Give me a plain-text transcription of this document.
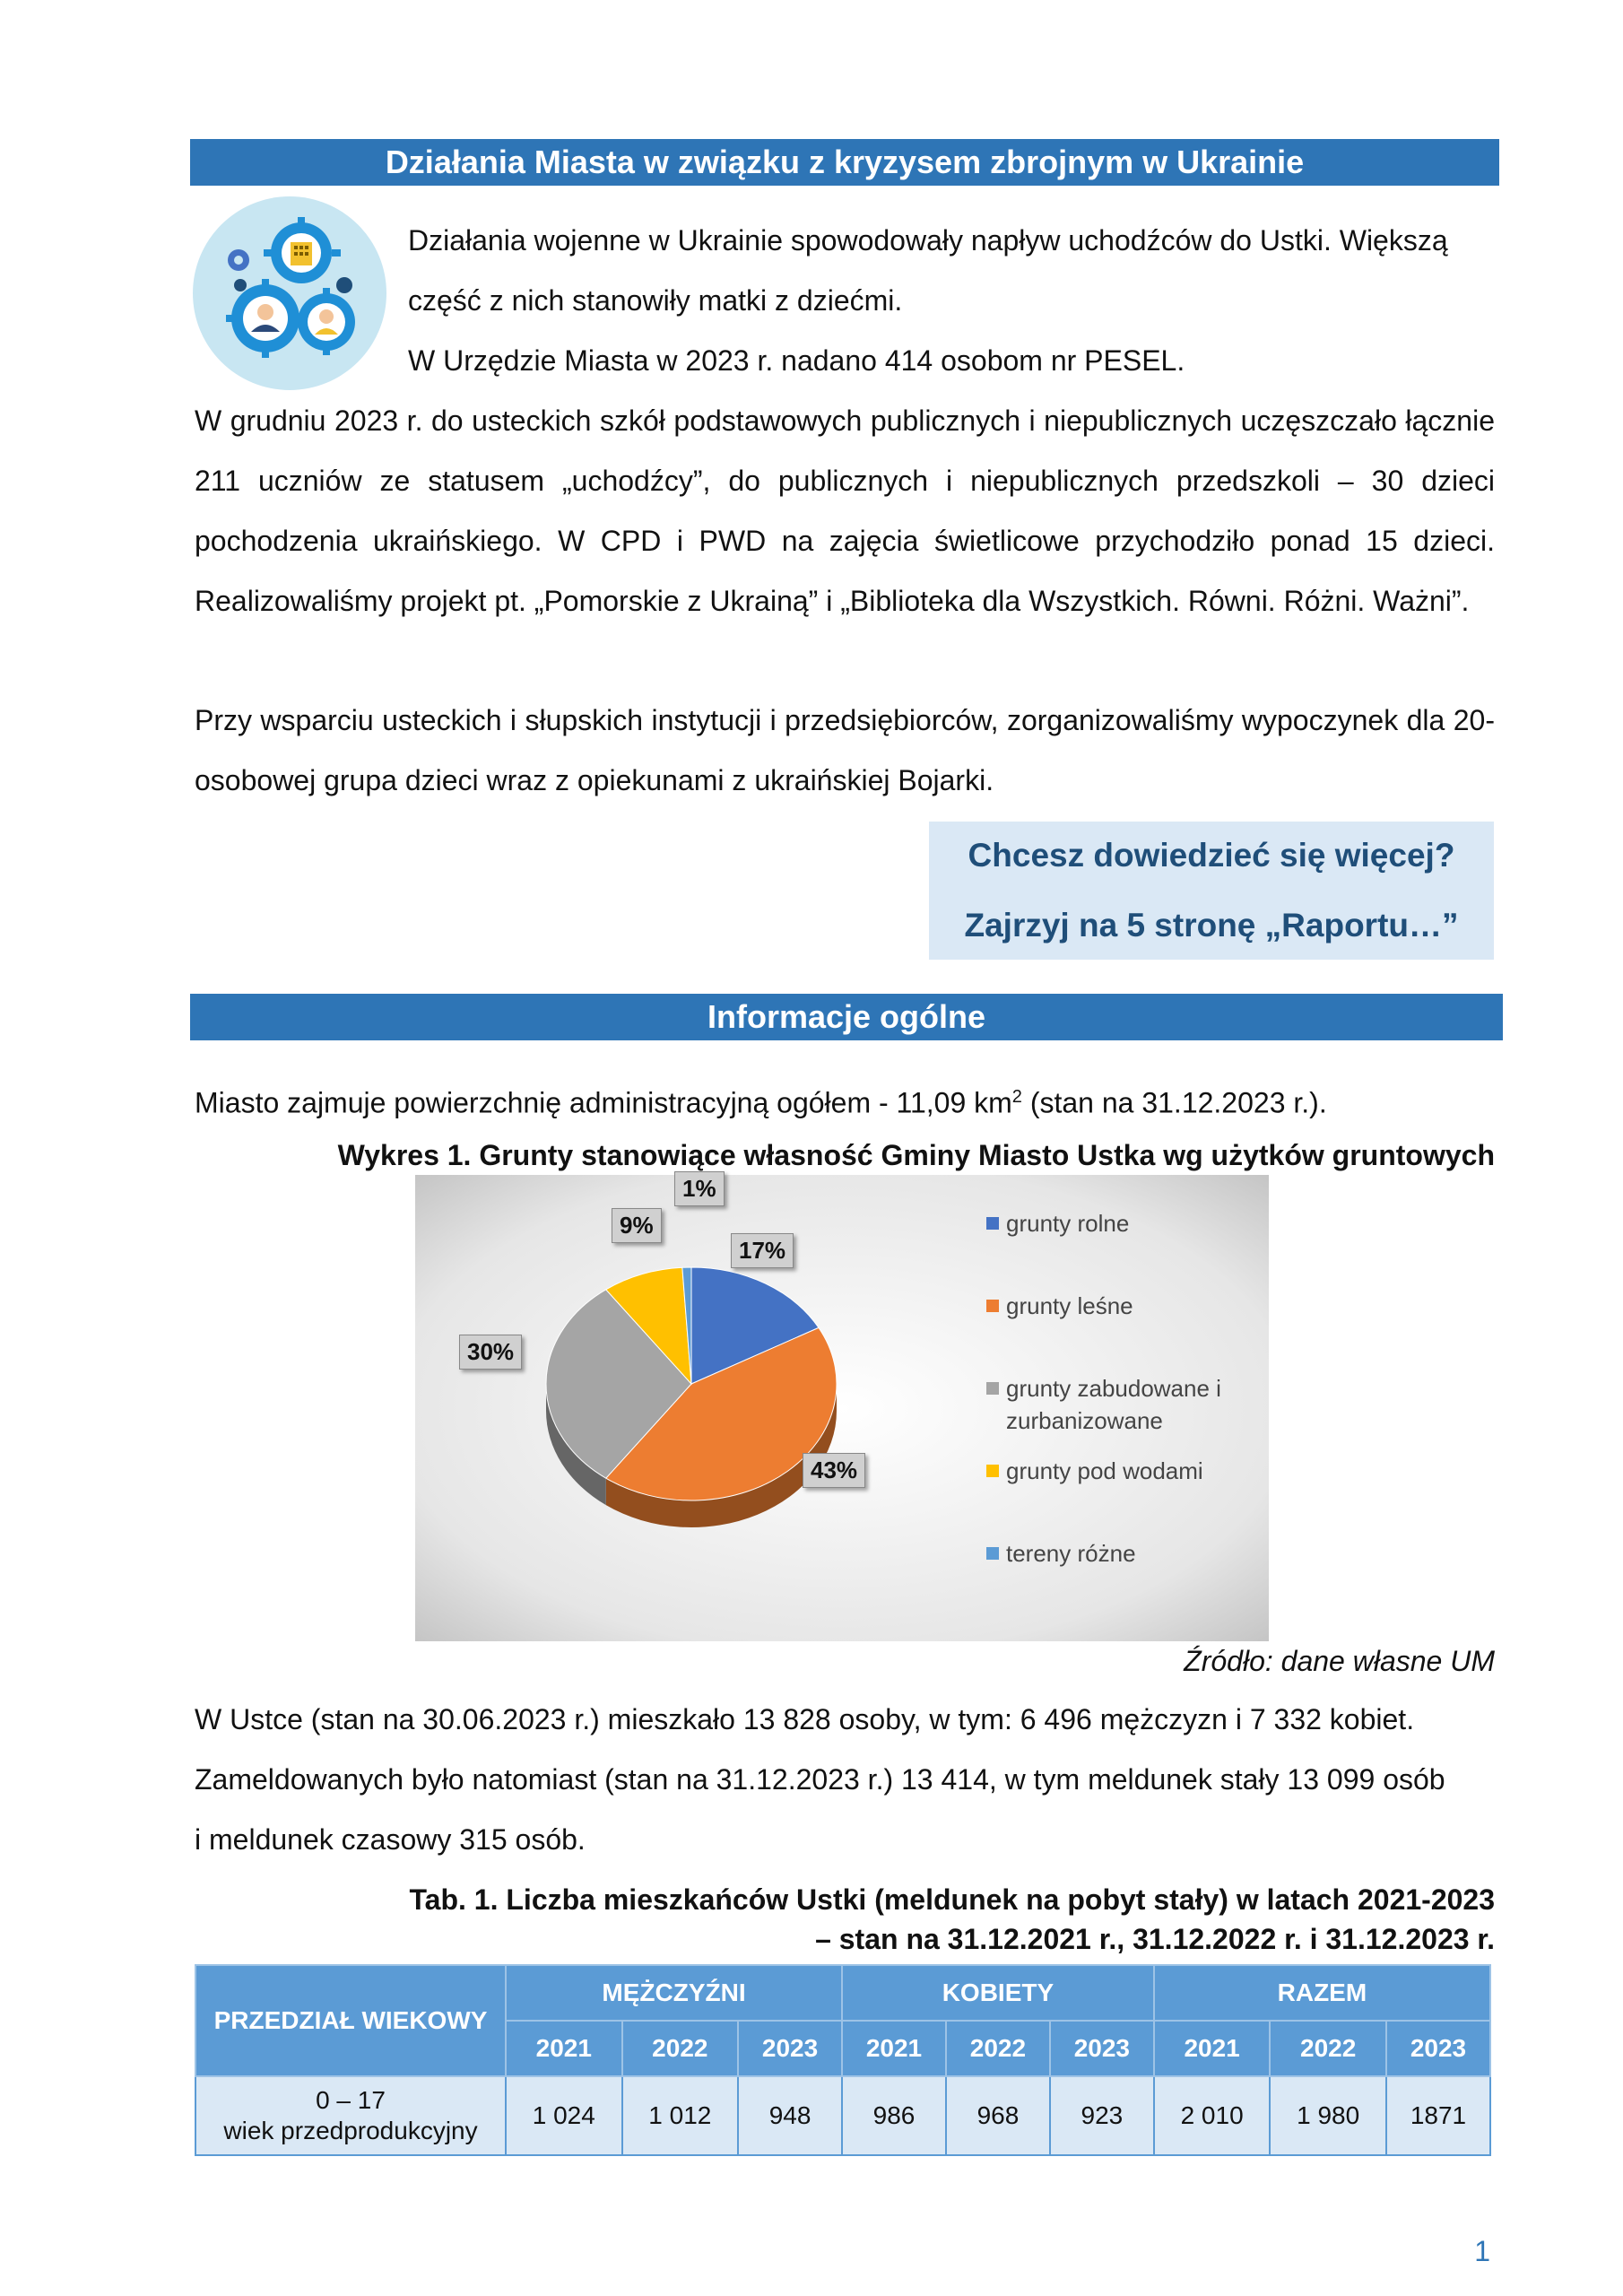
Działania Miasta w związku z kryzysem zbrojnym w Ukrainie

Działania wojenne w Ukrainie spowodowały napływ uchodźców do Ustki. Większą

część z nich stanowiły matki z dziećmi.

W Urzędzie Miasta w 2023 r. nadano 414 osobom nr PESEL.

W grudniu 2023 r. do usteckich szkół podstawowych publicznych i niepublicznych uczęszczało łącznie 211 uczniów ze statusem „uchodźcy”, do publicznych i niepublicznych przedszkoli – 30 dzieci pochodzenia ukraińskiego. W CPD i PWD na zajęcia świetlicowe przychodziło ponad 15 dzieci. Realizowaliśmy projekt pt. „Pomorskie z Ukrainą” i „Biblioteka dla Wszystkich. Równi. Różni. Ważni”.

Przy wsparciu usteckich i słupskich instytucji i przedsiębiorców, zorganizowaliśmy wypoczynek dla 20-osobowej grupa dzieci wraz z opiekunami z ukraińskiej Bojarki.

Chcesz dowiedzieć się więcej?
Zajrzyj na 5 stronę „Raportu…”
Informacje ogólne

Miasto zajmuje powierzchnię administracyjną ogółem - 11,09 $km^2$ (stan na 31.12.2023 r.).

Wykres 1. Grunty stanowiące własność Gminy Miasto Ustka wg użytków gruntowych
17%
43%
30%
9%
1%
grunty rolne
grunty leśne
grunty zabudowane i
zurbanizowane
grunty pod wodami
tereny różne
Źródło: dane własne UM

W Ustce (stan na 30.06.2023 r.) mieszkało 13 828 osoby, w tym: 6 496 mężczyzn i 7 332 kobiet.

Zameldowanych było natomiast (stan na 31.12.2023 r.) 13 414, w tym meldunek stały 13 099 osób

i meldunek czasowy 315 osób.

Tab. 1. Liczba mieszkańców Ustki (meldunek na pobyt stały) w latach 2021-2023
– stan na 31.12.2021 r., 31.12.2022 r. i 31.12.2023 r.
PRZEDZIAŁ WIEKOWY	MĘŻCZYŹNI			KOBIETY			RAZEM		
	2021	2022	2023	2021	2022	2023	2021	2022	2023

0 – 17
wiek przedprodukcyjny	1 024	1 012	948	986	968	923	2 010	1 980	1871
1
